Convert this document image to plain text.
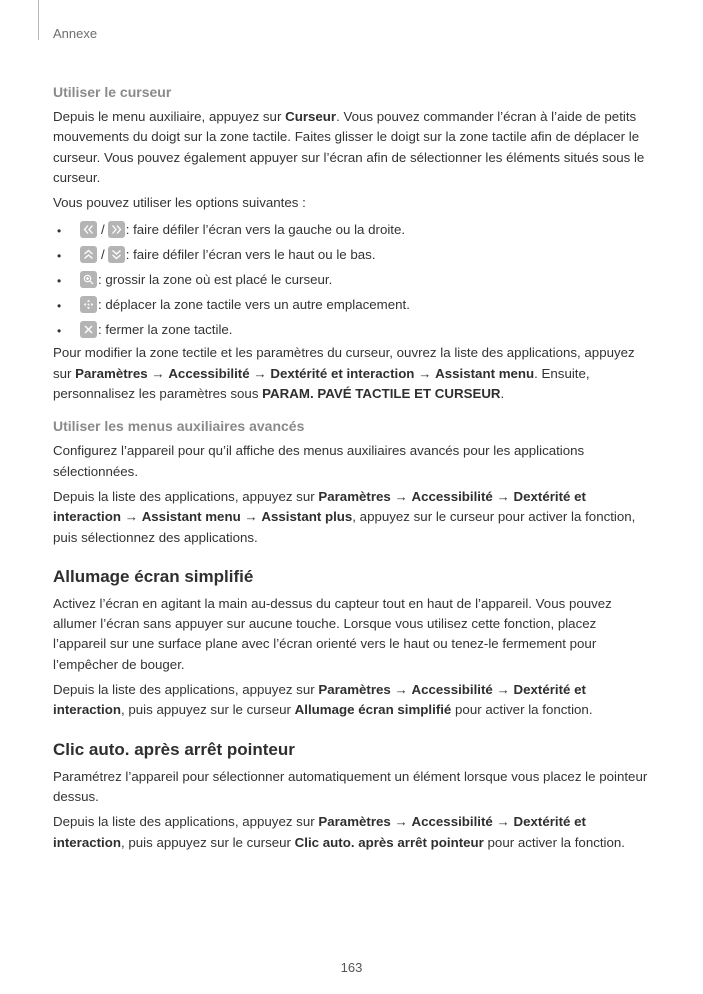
Annexe

Utiliser le curseur

Depuis le menu auxiliaire, appuyez sur Curseur. Vous pouvez commander l’écran à l’aide de petits mouvements du doigt sur la zone tactile. Faites glisser le doigt sur la zone tactile afin de déplacer le curseur. Vous pouvez également appuyer sur l’écran afin de sélectionner les éléments situés sous le curseur.

Vous pouvez utiliser les options suivantes :

•	/ : faire défiler l’écran vers la gauche ou la droite.
•	/ : faire défiler l’écran vers le haut ou le bas.
•	: grossir la zone où est placé le curseur.
•	: déplacer la zone tactile vers un autre emplacement.
•	: fermer la zone tactile.

Pour modifier la zone tectile et les paramètres du curseur, ouvrez la liste des applications, appuyez sur Paramètres → Accessibilité → Dextérité et interaction → Assistant menu. Ensuite, personnalisez les paramètres sous PARAM. PAVÉ TACTILE ET CURSEUR.

Utiliser les menus auxiliaires avancés

Configurez l’appareil pour qu’il affiche des menus auxiliaires avancés pour les applications sélectionnées.

Depuis la liste des applications, appuyez sur Paramètres → Accessibilité → Dextérité et interaction → Assistant menu → Assistant plus, appuyez sur le curseur pour activer la fonction, puis sélectionnez des applications.

Allumage écran simplifié

Activez l’écran en agitant la main au-dessus du capteur tout en haut de l’appareil. Vous pouvez allumer l’écran sans appuyer sur aucune touche. Lorsque vous utilisez cette fonction, placez l’appareil sur une surface plane avec l’écran orienté vers le haut ou tenez-le fermement pour l’empêcher de bouger.

Depuis la liste des applications, appuyez sur Paramètres → Accessibilité → Dextérité et interaction, puis appuyez sur le curseur Allumage écran simplifié pour activer la fonction.

Clic auto. après arrêt pointeur

Paramétrez l’appareil pour sélectionner automatiquement un élément lorsque vous placez le pointeur dessus.

Depuis la liste des applications, appuyez sur Paramètres → Accessibilité → Dextérité et interaction, puis appuyez sur le curseur Clic auto. après arrêt pointeur pour activer la fonction.

163
